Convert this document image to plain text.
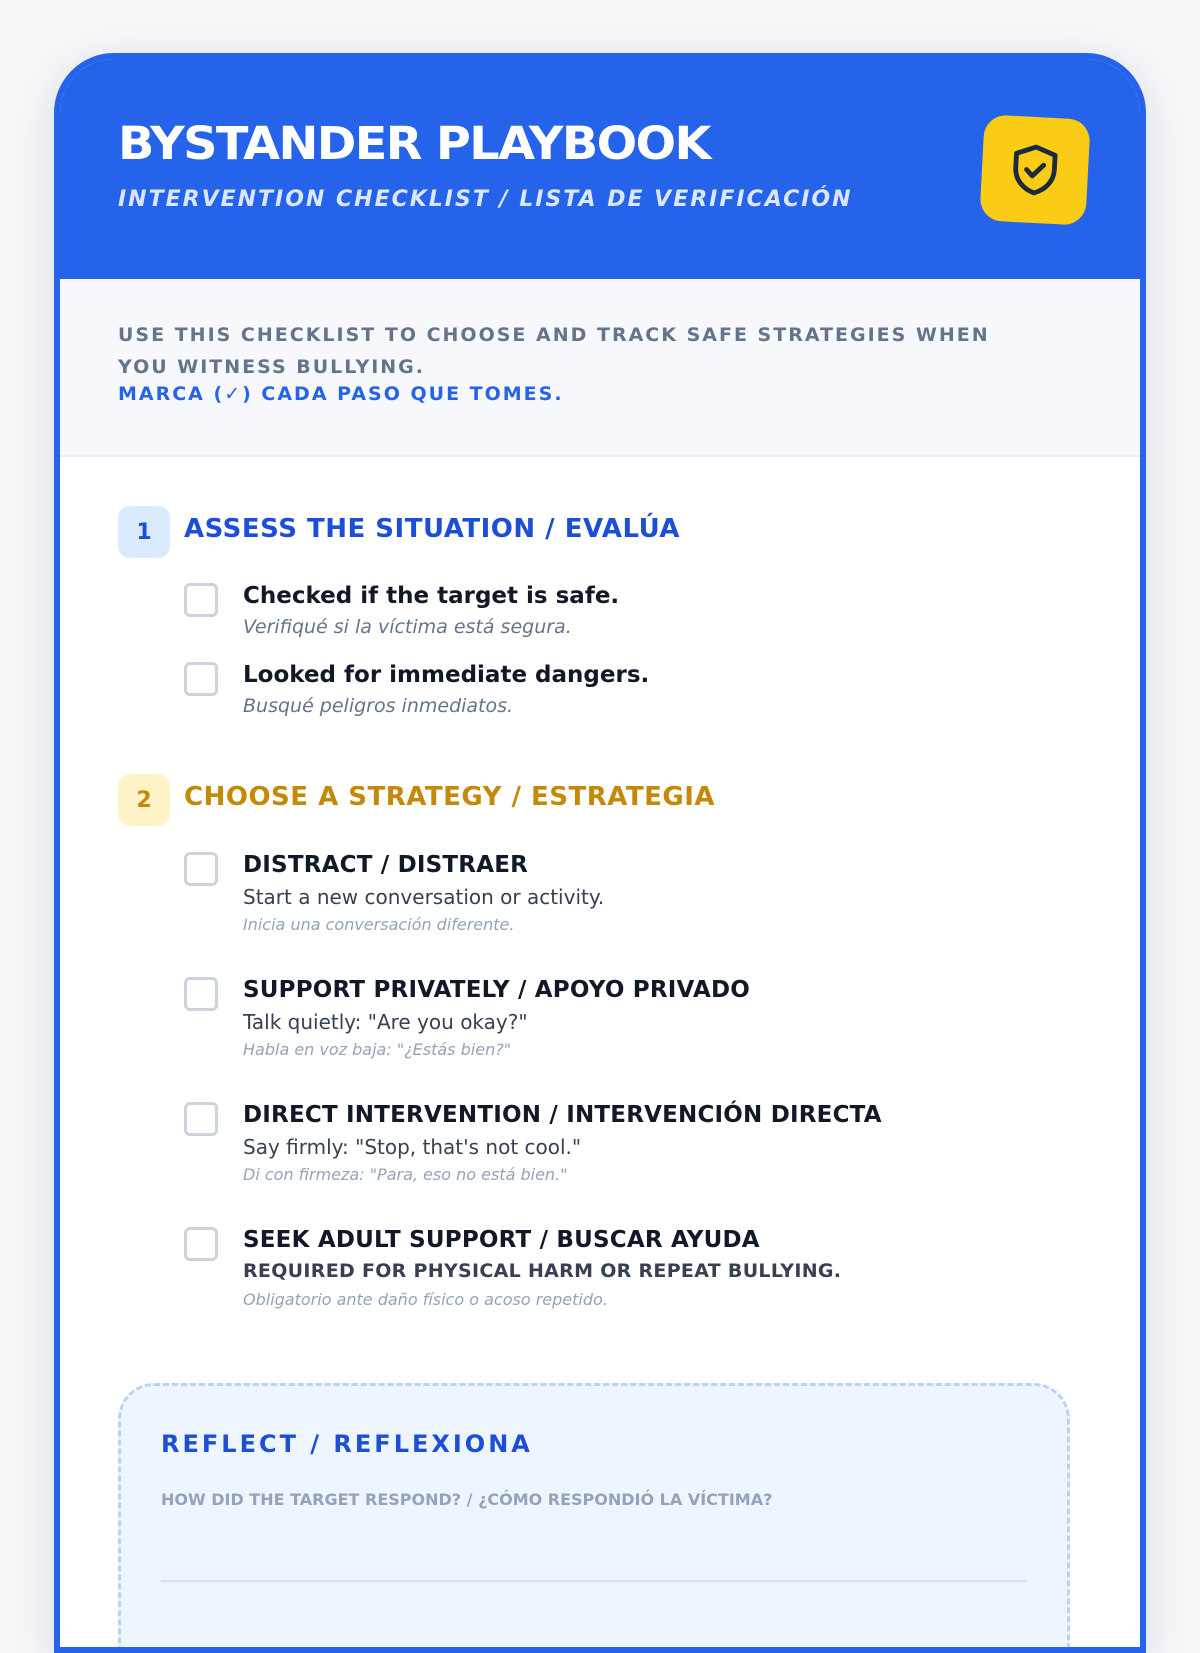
BYSTANDER PLAYBOOK

INTERVENTION CHECKLIST / LISTA DE VERIFICACIÓN

USE THIS CHECKLIST TO CHOOSE AND TRACK SAFE STRATEGIES WHEN YOU WITNESS BULLYING.

MARCA (✓) CADA PASO QUE TOMES.

1	ASSESS THE SITUATION / EVALÚA

Checked if the target is safe.

Verifiqué si la víctima está segura.

Looked for immediate dangers.

Busqué peligros inmediatos.

2	CHOOSE A STRATEGY / ESTRATEGIA

DISTRACT / DISTRAER

Start a new conversation or activity.

Inicia una conversación diferente.

SUPPORT PRIVATELY / APOYO PRIVADO

Talk quietly: "Are you okay?"

Habla en voz baja: "¿Estás bien?"

DIRECT INTERVENTION / INTERVENCIÓN DIRECTA

Say firmly: "Stop, that's not cool."

Di con firmeza: "Para, eso no está bien."

SEEK ADULT SUPPORT / BUSCAR AYUDA

REQUIRED FOR PHYSICAL HARM OR REPEAT BULLYING.

Obligatorio ante daño físico o acoso repetido.

REFLECT / REFLEXIONA

HOW DID THE TARGET RESPOND? / ¿CÓMO RESPONDIÓ LA VÍCTIMA?
